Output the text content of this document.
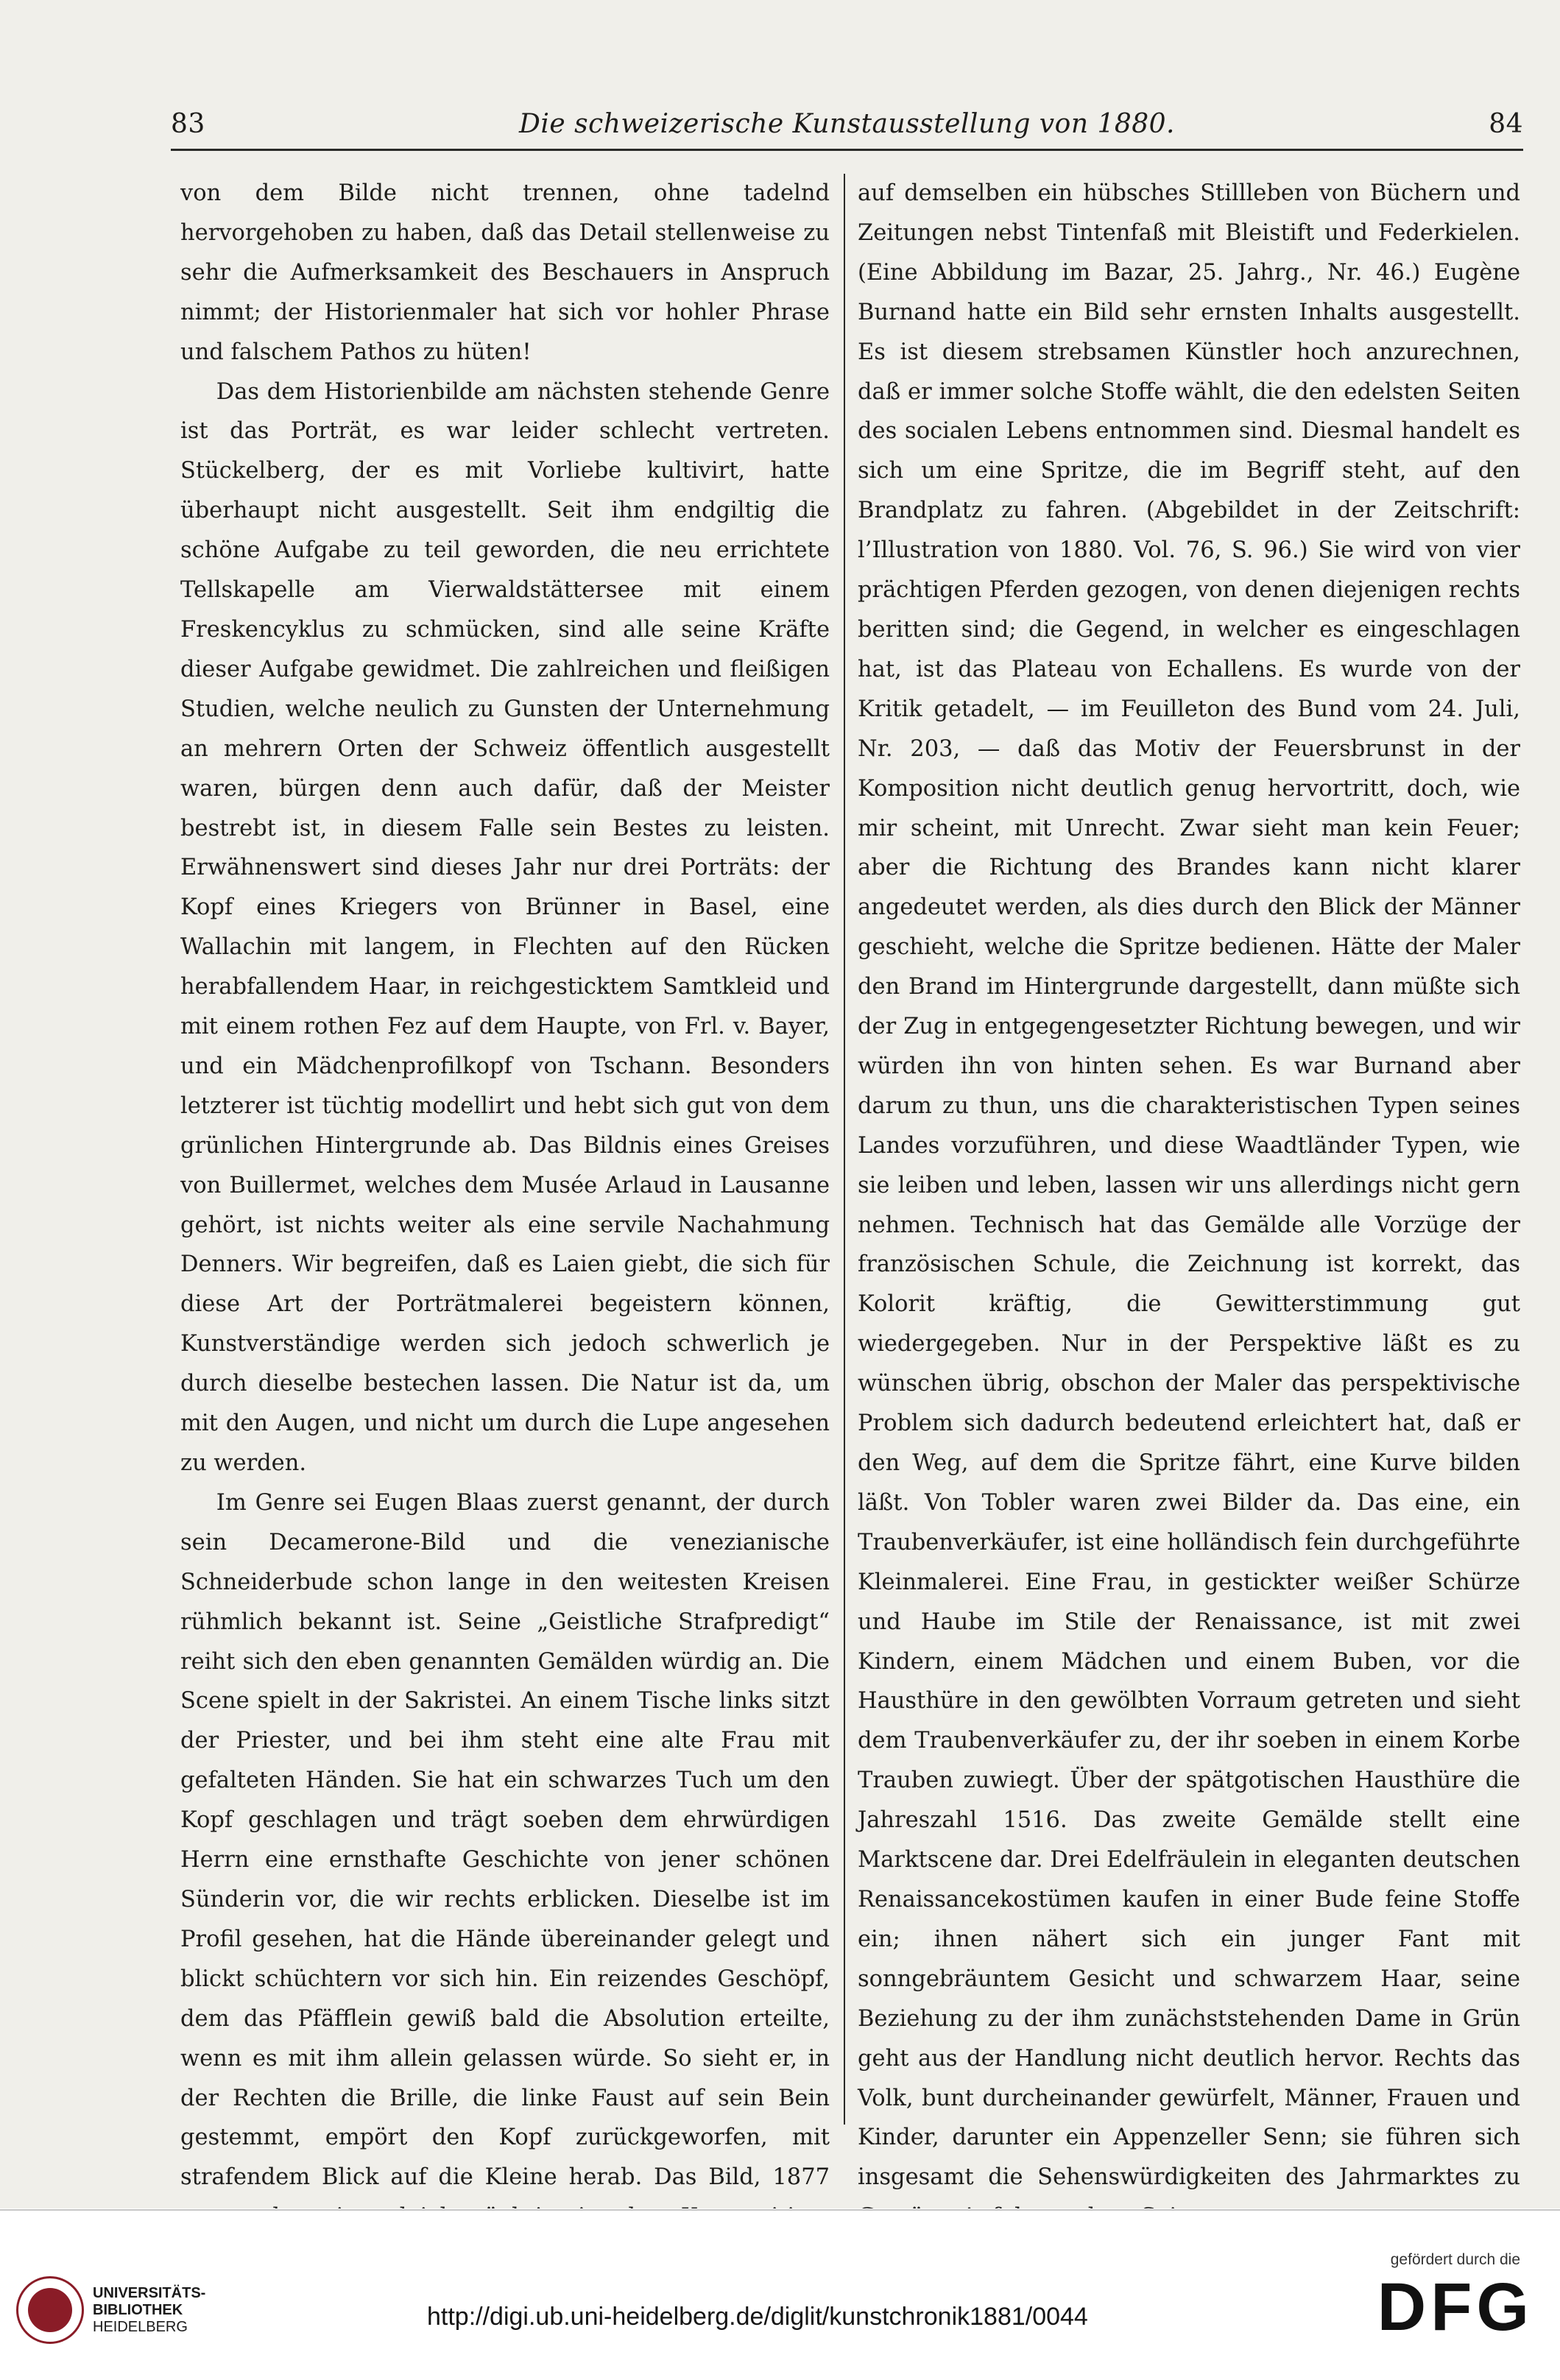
83	Die schweizerische Kunstausstellung von 1880.	84

von dem Bilde nicht trennen, ohne tadelnd hervorgehoben zu haben, daß das Detail stellenweise zu sehr die Aufmerksamkeit des Beschauers in Anspruch nimmt; der Historienmaler hat sich vor hohler Phrase und falschem Pathos zu hüten!

Das dem Historienbilde am nächsten stehende Genre ist das Porträt, es war leider schlecht vertreten. Stückelberg, der es mit Vorliebe kultivirt, hatte überhaupt nicht ausgestellt. Seit ihm endgiltig die schöne Aufgabe zu teil geworden, die neu errichtete Tellskapelle am Vierwaldstättersee mit einem Freskencyklus zu schmücken, sind alle seine Kräfte dieser Aufgabe gewidmet. Die zahlreichen und fleißigen Studien, welche neulich zu Gunsten der Unternehmung an mehrern Orten der Schweiz öffentlich ausgestellt waren, bürgen denn auch dafür, daß der Meister bestrebt ist, in diesem Falle sein Bestes zu leisten. Erwähnenswert sind dieses Jahr nur drei Porträts: der Kopf eines Kriegers von Brünner in Basel, eine Wallachin mit langem, in Flechten auf den Rücken herabfallendem Haar, in reichgesticktem Samtkleid und mit einem rothen Fez auf dem Haupte, von Frl. v. Bayer, und ein Mädchenprofilkopf von Tschann. Besonders letzterer ist tüchtig modellirt und hebt sich gut von dem grünlichen Hintergrunde ab. Das Bildnis eines Greises von Buillermet, welches dem Musée Arlaud in Lausanne gehört, ist nichts weiter als eine servile Nachahmung Denners. Wir begreifen, daß es Laien giebt, die sich für diese Art der Porträtmalerei begeistern können, Kunstverständige werden sich jedoch schwerlich je durch dieselbe bestechen lassen. Die Natur ist da, um mit den Augen, und nicht um durch die Lupe angesehen zu werden.

Im Genre sei Eugen Blaas zuerst genannt, der durch sein Decamerone-Bild und die venezianische Schneiderbude schon lange in den weitesten Kreisen rühmlich bekannt ist. Seine „Geistliche Strafpredigt“ reiht sich den eben genannten Gemälden würdig an. Die Scene spielt in der Sakristei. An einem Tische links sitzt der Priester, und bei ihm steht eine alte Frau mit gefalteten Händen. Sie hat ein schwarzes Tuch um den Kopf geschlagen und trägt soeben dem ehrwürdigen Herrn eine ernsthafte Geschichte von jener schönen Sünderin vor, die wir rechts erblicken. Dieselbe ist im Profil gesehen, hat die Hände übereinander gelegt und blickt schüchtern vor sich hin. Ein reizendes Geschöpf, dem das Pfäfflein gewiß bald die Absolution erteilte, wenn es mit ihm allein gelassen würde. So sieht er, in der Rechten die Brille, die linke Faust auf sein Bein gestemmt, empört den Kopf zurückgeworfen, mit strafendem Blick auf die Kleine herab. Das Bild, 1877

auf demselben ein hübsches Stillleben von Büchern und Zeitungen nebst Tintenfaß mit Bleistift und Federkielen. (Eine Abbildung im Bazar, 25. Jahrg., Nr. 46.) Eugène Burnand hatte ein Bild sehr ernsten Inhalts ausgestellt. Es ist diesem strebsamen Künstler hoch anzurechnen, daß er immer solche Stoffe wählt, die den edelsten Seiten des socialen Lebens entnommen sind. Diesmal handelt es sich um eine Spritze, die im Begriff steht, auf den Brandplatz zu fahren. (Abgebildet in der Zeitschrift: l’Illustration von 1880. Vol. 76, S. 96.) Sie wird von vier prächtigen Pferden gezogen, von denen diejenigen rechts beritten sind; die Gegend, in welcher es eingeschlagen hat, ist das Plateau von Echallens. Es wurde von der Kritik getadelt, — im Feuilleton des Bund vom 24. Juli, Nr. 203, — daß das Motiv der Feuersbrunst in der Komposition nicht deutlich genug hervortritt, doch, wie mir scheint, mit Unrecht. Zwar sieht man kein Feuer; aber die Richtung des Brandes kann nicht klarer angedeutet werden, als dies durch den Blick der Männer geschieht, welche die Spritze bedienen. Hätte der Maler den Brand im Hintergrunde dargestellt, dann müßte sich der Zug in entgegengesetzter Richtung bewegen, und wir würden ihn von hinten sehen. Es war Burnand aber darum zu thun, uns die charakteristischen Typen seines Landes vorzuführen, und diese Waadtländer Typen, wie sie leiben und leben, lassen wir uns allerdings nicht gern nehmen. Technisch hat das Gemälde alle Vorzüge der französischen Schule, die Zeichnung ist korrekt, das Kolorit kräftig, die Gewitterstimmung gut wiedergegeben. Nur in der Perspektive läßt es zu wünschen übrig, obschon der Maler das perspektivische Problem sich dadurch bedeutend erleichtert hat, daß er den Weg, auf dem die Spritze fährt, eine Kurve bilden läßt. Von Tobler waren zwei Bilder da. Das eine, ein Traubenverkäufer, ist eine holländisch fein durchgeführte Kleinmalerei. Eine Frau, in gestickter weißer Schürze und Haube im Stile der Renaissance, ist mit zwei Kindern, einem Mädchen und einem Buben, vor die Hausthüre in den gewölbten Vorraum getreten und sieht dem Traubenverkäufer zu, der ihr soeben in einem Korbe Trauben zuwiegt. Über der spätgotischen Hausthüre die Jahreszahl 1516. Das zweite Gemälde stellt eine Marktscene dar. Drei Edelfräulein in eleganten deutschen Renaissancekostümen kaufen in einer Bude feine Stoffe ein; ihnen nähert sich ein junger Fant mit sonngebräuntem Gesicht und schwarzem Haar, seine Beziehung zu der ihm zunächststehenden Dame in Grün geht aus der Handlung nicht deutlich hervor. Rechts das Volk, bunt durcheinander gewürfelt, Männer, Frauen und Kinder, darunter ein Appenzeller Senn; sie führen sich insgesamt die Sehenswürdigkeiten des Jahrmarktes zu

UNIVERSITÄTS-
BIBLIOTHEK
HEIDELBERG	http://digi.ub.uni-heidelberg.de/diglit/kunstchronik1881/0044
gefördert durch die
DFG
